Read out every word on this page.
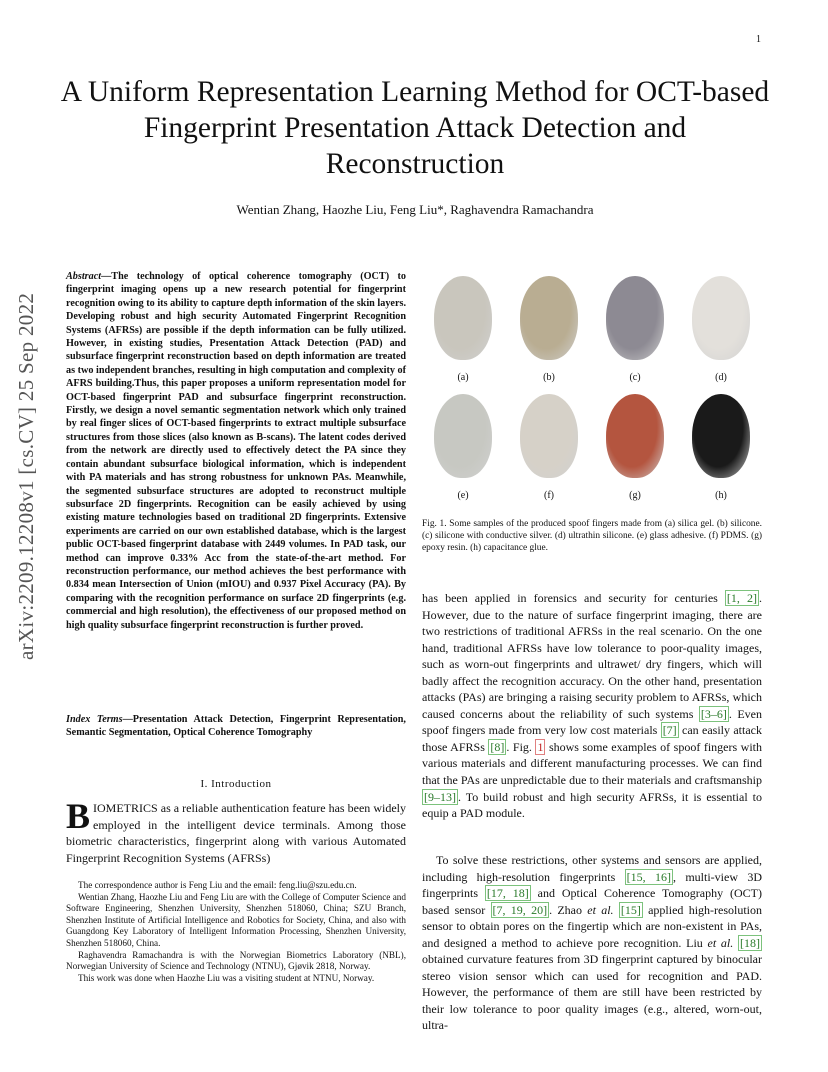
1
A Uniform Representation Learning Method for OCT-based Fingerprint Presentation Attack Detection and Reconstruction
Wentian Zhang, Haozhe Liu, Feng Liu*, Raghavendra Ramachandra
arXiv:2209.12208v1 [cs.CV] 25 Sep 2022
Abstract—The technology of optical coherence tomography (OCT) to fingerprint imaging opens up a new research potential for fingerprint recognition owing to its ability to capture depth information of the skin layers. Developing robust and high security Automated Fingerprint Recognition Systems (AFRSs) are possible if the depth information can be fully utilized. However, in existing studies, Presentation Attack Detection (PAD) and subsurface fingerprint reconstruction based on depth information are treated as two independent branches, resulting in high computation and complexity of AFRS building.Thus, this paper proposes a uniform representation model for OCT-based fingerprint PAD and subsurface fingerprint reconstruction. Firstly, we design a novel semantic segmentation network which only trained by real finger slices of OCT-based fingerprints to extract multiple subsurface structures from those slices (also known as B-scans). The latent codes derived from the network are directly used to effectively detect the PA since they contain abundant subsurface biological information, which is independent with PA materials and has strong robustness for unknown PAs. Meanwhile, the segmented subsurface structures are adopted to reconstruct multiple subsurface 2D fingerprints. Recognition can be easily achieved by using existing mature technologies based on traditional 2D fingerprints. Extensive experiments are carried on our own established database, which is the largest public OCT-based fingerprint database with 2449 volumes. In PAD task, our method can improve 0.33% Acc from the state-of-the-art method. For reconstruction performance, our method achieves the best performance with 0.834 mean Intersection of Union (mIOU) and 0.937 Pixel Accuracy (PA). By comparing with the recognition performance on surface 2D fingerprints (e.g. commercial and high resolution), the effectiveness of our proposed method on high quality subsurface fingerprint reconstruction is further proved.
Index Terms—Presentation Attack Detection, Fingerprint Representation, Semantic Segmentation, Optical Coherence Tomography
I. Introduction
BIOMETRICS as a reliable authentication feature has been widely employed in the intelligent device terminals. Among those biometric characteristics, fingerprint along with various Automated Fingerprint Recognition Systems (AFRSs)

The correspondence author is Feng Liu and the email: feng.liu@szu.edu.cn.

Wentian Zhang, Haozhe Liu and Feng Liu are with the College of Computer Science and Software Engineering, Shenzhen University, Shenzhen 518060, China; SZU Branch, Shenzhen Institute of Artificial Intelligence and Robotics for Society, China, and also with Guangdong Key Laboratory of Intelligent Information Processing, Shenzhen University, Shenzhen 518060, China.

Raghavendra Ramachandra is with the Norwegian Biometrics Laboratory (NBL), Norwegian University of Science and Technology (NTNU), Gjøvik 2818, Norway.

This work was done when Haozhe Liu was a visiting student at NTNU, Norway.

(a)	(b)	(c)	(d)
(e)	(f)	(g)	(h)
Fig. 1. Some samples of the produced spoof fingers made from (a) silica gel. (b) silicone. (c) silicone with conductive silver. (d) ultrathin silicone. (e) glass adhesive. (f) PDMS. (g) epoxy resin. (h) capacitance glue.
has been applied in forensics and security for centuries [1, 2] . However, due to the nature of surface fingerprint imaging, there are two restrictions of traditional AFRSs in the real scenario. On the one hand, traditional AFRSs have low tolerance to poor-quality images, such as worn-out fingerprints and ultrawet/ dry fingers, which will badly affect the recognition accuracy. On the other hand, presentation attacks (PAs) are bringing a raising security problem to AFRSs, which caused concerns about the reliability of such systems [3–6] . Even spoof fingers made from very low cost materials [7] can easily attack those AFRSs [8] . Fig. 1 shows some examples of spoof fingers with various materials and different manufacturing processes. We can find that the PAs are unpredictable due to their materials and craftsmanship [9–13] . To build robust and high security AFRSs, it is essential to equip a PAD module.
To solve these restrictions, other systems and sensors are applied, including high-resolution fingerprints [15, 16] , multi-view 3D fingerprints [17, 18] and Optical Coherence Tomography (OCT) based sensor [7, 19, 20] . Zhao et al. [15] applied high-resolution sensor to obtain pores on the fingertip which are non-existent in PAs, and designed a method to achieve pore recognition. Liu et al. [18] obtained curvature features from 3D fingerprint captured by binocular stereo vision sensor which can used for recognition and PAD. However, the performance of them are still have been restricted by their low tolerance to poor quality images (e.g., altered, worn-out, ultra-
